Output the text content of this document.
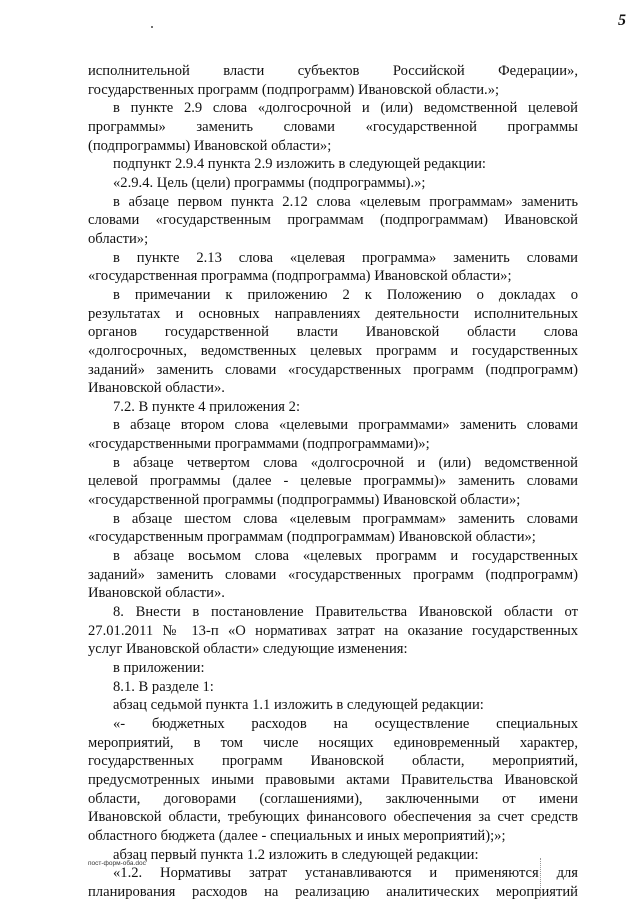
5
исполнительной власти субъектов Российской Федерации»,
государственных программ (подпрограмм) Ивановской области.»;
в пункте 2.9 слова «долгосрочной и (или) ведомственной целевой
программы» заменить словами «государственной программы
(подпрограммы) Ивановской области»;
подпункт 2.9.4 пункта 2.9 изложить в следующей редакции:
«2.9.4. Цель (цели) программы (подпрограммы).»;
в абзаце первом пункта 2.12 слова «целевым программам» заменить
словами «государственным программам (подпрограммам) Ивановской
области»;
в пункте 2.13 слова «целевая программа» заменить словами
«государственная программа (подпрограмма) Ивановской области»;
в примечании к приложению 2 к Положению о докладах о
результатах и основных направлениях деятельности исполнительных
органов государственной власти Ивановской области слова
«долгосрочных, ведомственных целевых программ и государственных
заданий» заменить словами «государственных программ (подпрограмм)
Ивановской области».
7.2. В пункте 4 приложения 2:
в абзаце втором слова «целевыми программами» заменить словами
«государственными программами (подпрограммами)»;
в абзаце четвертом слова «долгосрочной и (или) ведомственной
целевой программы (далее - целевые программы)» заменить словами
«государственной программы (подпрограммы) Ивановской области»;
в абзаце шестом слова «целевым программам» заменить словами
«государственным программам (подпрограммам) Ивановской области»;
в абзаце восьмом слова «целевых программ и государственных
заданий» заменить словами «государственных программ (подпрограмм)
Ивановской области».
8. Внести в постановление Правительства Ивановской области от
27.01.2011 № 13-п «О нормативах затрат на оказание государственных
услуг Ивановской области» следующие изменения:
в приложении:
8.1. В разделе 1:
абзац седьмой пункта 1.1 изложить в следующей редакции:
«- бюджетных расходов на осуществление специальных
мероприятий, в том числе носящих единовременный характер,
государственных программ Ивановской области, мероприятий,
предусмотренных иными правовыми актами Правительства Ивановской
области, договорами (соглашениями), заключенными от имени
Ивановской области, требующих финансового обеспечения за счет средств
областного бюджета (далее - специальных и иных мероприятий);»;
абзац первый пункта 1.2 изложить в следующей редакции:
«1.2. Нормативы затрат устанавливаются и применяются для
планирования расходов на реализацию аналитических мероприятий
пост-форм-оба.doc
